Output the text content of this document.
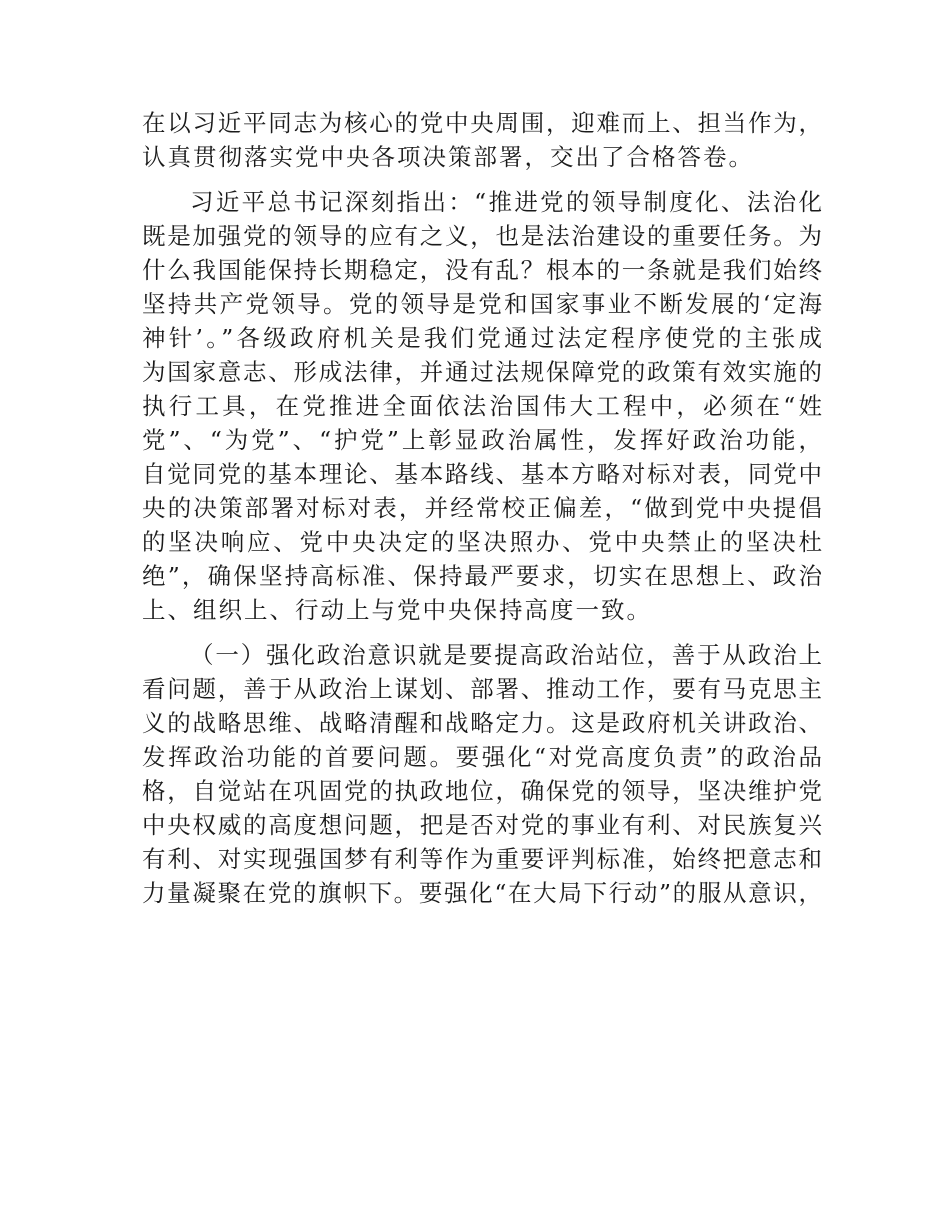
在以习近平同志为核心的党中央周围，迎难而上、担当作为，
认真贯彻落实党中央各项决策部署，交出了合格答卷。
习近平总书记深刻指出：“推进党的领导制度化、法治化
既是加强党的领导的应有之义，也是法治建设的重要任务。为
什么我国能保持长期稳定，没有乱？根本的一条就是我们始终
坚持共产党领导。党的领导是党和国家事业不断发展的‘定海
神针’。”各级政府机关是我们党通过法定程序使党的主张成
为国家意志、形成法律，并通过法规保障党的政策有效实施的
执行工具，在党推进全面依法治国伟大工程中，必须在“姓
党”、“为党”、“护党”上彰显政治属性，发挥好政治功能，
自觉同党的基本理论、基本路线、基本方略对标对表，同党中
央的决策部署对标对表，并经常校正偏差，“做到党中央提倡
的坚决响应、党中央决定的坚决照办、党中央禁止的坚决杜
绝”，确保坚持高标准、保持最严要求，切实在思想上、政治
上、组织上、行动上与党中央保持高度一致。
（一）强化政治意识就是要提高政治站位，善于从政治上
看问题，善于从政治上谋划、部署、推动工作，要有马克思主
义的战略思维、战略清醒和战略定力。这是政府机关讲政治、
发挥政治功能的首要问题。要强化“对党高度负责”的政治品
格，自觉站在巩固党的执政地位，确保党的领导，坚决维护党
中央权威的高度想问题，把是否对党的事业有利、对民族复兴
有利、对实现强国梦有利等作为重要评判标准，始终把意志和
力量凝聚在党的旗帜下。要强化“在大局下行动”的服从意识，
